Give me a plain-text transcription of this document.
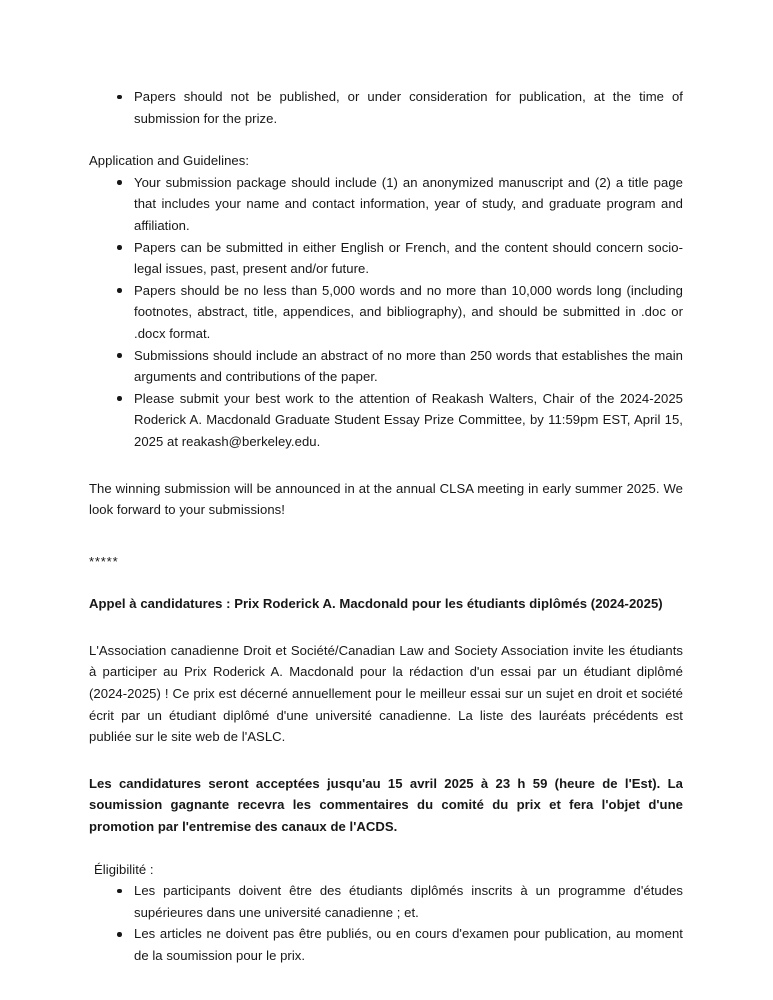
Papers should not be published, or under consideration for publication, at the time of submission for the prize.

Application and Guidelines:

Your submission package should include (1) an anonymized manuscript and (2) a title page that includes your name and contact information, year of study, and graduate program and affiliation.
Papers can be submitted in either English or French, and the content should concern socio-legal issues, past, present and/or future.
Papers should be no less than 5,000 words and no more than 10,000 words long (including footnotes, abstract, title, appendices, and bibliography), and should be submitted in .doc or .docx format.
Submissions should include an abstract of no more than 250 words that establishes the main arguments and contributions of the paper.
Please submit your best work to the attention of Reakash Walters, Chair of the 2024-2025 Roderick A. Macdonald Graduate Student Essay Prize Committee, by 11:59pm EST, April 15, 2025 at reakash@berkeley.edu.

The winning submission will be announced in at the annual CLSA meeting in early summer 2025. We look forward to your submissions!

*****

Appel à candidatures : Prix Roderick A. Macdonald pour les étudiants diplômés (2024-2025)

L'Association canadienne Droit et Société/Canadian Law and Society Association invite les étudiants à participer au Prix Roderick A. Macdonald pour la rédaction d'un essai par un étudiant diplômé (2024-2025) ! Ce prix est décerné annuellement pour le meilleur essai sur un sujet en droit et société écrit par un étudiant diplômé d'une université canadienne. La liste des lauréats précédents est publiée sur le site web de l'ASLC.

Les candidatures seront acceptées jusqu'au 15 avril 2025 à 23 h 59 (heure de l'Est). La soumission gagnante recevra les commentaires du comité du prix et fera l'objet d'une promotion par l'entremise des canaux de l'ACDS.

Éligibilité :

Les participants doivent être des étudiants diplômés inscrits à un programme d'études supérieures dans une université canadienne ; et.
Les articles ne doivent pas être publiés, ou en cours d'examen pour publication, au moment de la soumission pour le prix.
